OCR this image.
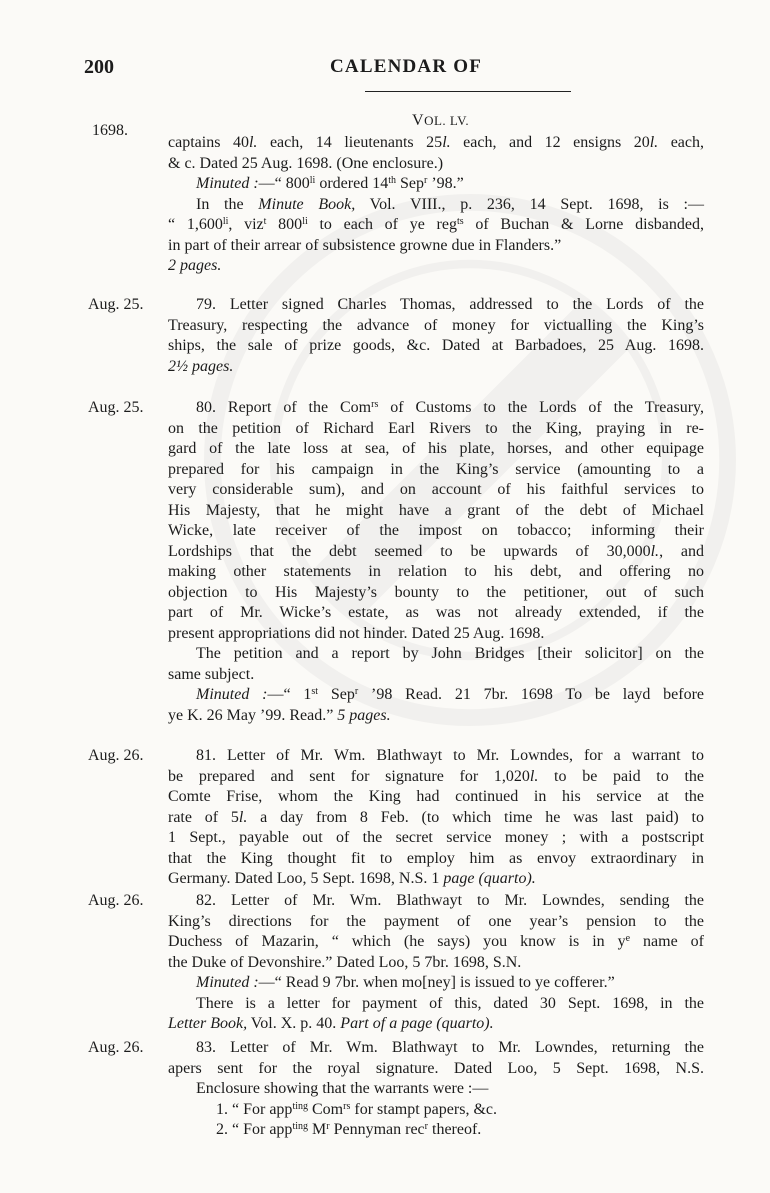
200	CALENDAR OF
VOL. LV.
1698.
captains 40l. each, 14 lieutenants 25l. each, and 12 ensigns 20l. each,
& c. Dated 25 Aug. 1698. (One enclosure.)
Minuted :—“ $800^{li}$ ordered 14th Sep$^r$ ’98.”
In the Minute Book, Vol. VIII., p. 236, 14 Sept. 1698, is :—
“ $1,600^{li}$, viz$^t$ $800^{li}$ to each of ye reg$^{ts}$ of Buchan & Lorne disbanded,
in part of their arrear of subsistence growne due in Flanders.”
2 pages.
Aug. 25.	79. Letter signed Charles Thomas, addressed to the Lords of the
Treasury, respecting the advance of money for victualling the King’s
ships, the sale of prize goods, &c. Dated at Barbadoes, 25 Aug. 1698.
2½ pages.
Aug. 25.	80. Report of the Com$^{rs}$ of Customs to the Lords of the Treasury,
on the petition of Richard Earl Rivers to the King, praying in re-
gard of the late loss at sea, of his plate, horses, and other equipage
prepared for his campaign in the King’s service (amounting to a
very considerable sum), and on account of his faithful services to
His Majesty, that he might have a grant of the debt of Michael
Wicke, late receiver of the impost on tobacco; informing their
Lordships that the debt seemed to be upwards of 30,000l., and
making other statements in relation to his debt, and offering no
objection to His Majesty’s bounty to the petitioner, out of such
part of Mr. Wicke’s estate, as was not already extended, if the
present appropriations did not hinder. Dated 25 Aug. 1698.
The petition and a report by John Bridges [their solicitor] on the
same subject.
Minuted :—“ 1st Sep$^r$ ’98 Read. 21 7br. 1698 To be layd before
ye K. 26 May ’99. Read.” 5 pages.
Aug. 26.	81. Letter of Mr. Wm. Blathwayt to Mr. Lowndes, for a warrant to
be prepared and sent for signature for 1,020l. to be paid to the
Comte Frise, whom the King had continued in his service at the
rate of 5l. a day from 8 Feb. (to which time he was last paid) to
1 Sept., payable out of the secret service money ; with a postscript
that the King thought fit to employ him as envoy extraordinary in
Germany. Dated Loo, 5 Sept. 1698, N.S. 1 page (quarto).
Aug. 26.	82. Letter of Mr. Wm. Blathwayt to Mr. Lowndes, sending the
King’s directions for the payment of one year’s pension to the
Duchess of Mazarin, “ which (he says) you know is in $y^e$ name of
the Duke of Devonshire.” Dated Loo, 5 7br. 1698, S.N.
Minuted :—“ Read 9 7br. when mo[ney] is issued to ye cofferer.”
There is a letter for payment of this, dated 30 Sept. 1698, in the
Letter Book, Vol. X. p. 40. Part of a page (quarto).
Aug. 26.	83. Letter of Mr. Wm. Blathwayt to Mr. Lowndes, returning the
apers sent for the royal signature. Dated Loo, 5 Sept. 1698, N.S.
Enclosure showing that the warrants were :—
1. “ For app$^{ting}$ Com$^{rs}$ for stampt papers, &c.
2. “ For app$^{ting}$ $M^r$ Pennyman rec$^r$ thereof.
